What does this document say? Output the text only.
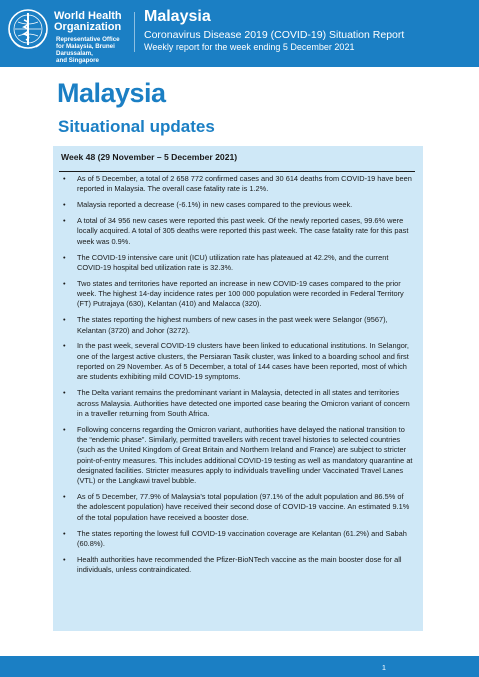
World Health
Organization
Representative Office
for Malaysia, Brunei Darussalam,
and Singapore
Malaysia
Coronavirus Disease 2019 (COVID-19) Situation Report
Weekly report for the week ending 5 December 2021
Malaysia
Situational updates
Week 48 (29 November – 5 December 2021)
• As of 5 December, a total of 2 658 772 confirmed cases and 30 614 deaths from COVID-19 have been reported in Malaysia. The overall case fatality rate is 1.2%.
• Malaysia reported a decrease (-6.1%) in new cases compared to the previous week.
• A total of 34 956 new cases were reported this past week. Of the newly reported cases, 99.6% were locally acquired. A total of 305 deaths were reported this past week. The case fatality rate for this past week was 0.9%.
• The COVID-19 intensive care unit (ICU) utilization rate has plateaued at 42.2%, and the current COVID-19 hospital bed utilization rate is 32.3%.
• Two states and territories have reported an increase in new COVID-19 cases compared to the prior week. The highest 14-day incidence rates per 100 000 population were recorded in Federal Territory (FT) Putrajaya (630), Kelantan (410) and Malacca (320).
• The states reporting the highest numbers of new cases in the past week were Selangor (9567), Kelantan (3720) and Johor (3272).
• In the past week, several COVID-19 clusters have been linked to educational institutions. In Selangor, one of the largest active clusters, the Persiaran Tasik cluster, was linked to a boarding school and first reported on 29 November. As of 5 December, a total of 144 cases have been reported, most of which are students exhibiting mild COVID-19 symptoms.
• The Delta variant remains the predominant variant in Malaysia, detected in all states and territories across Malaysia. Authorities have detected one imported case bearing the Omicron variant of concern in a traveller returning from South Africa.
• Following concerns regarding the Omicron variant, authorities have delayed the national transition to the “endemic phase”. Similarly, permitted travellers with recent travel histories to selected countries (such as the United Kingdom of Great Britain and Northern Ireland and France) are subject to stricter point-of-entry measures. This includes additional COVID-19 testing as well as mandatory quarantine at designated facilities. Stricter measures apply to individuals travelling under Vaccinated Travel Lanes (VTL) or the Langkawi travel bubble.
• As of 5 December, 77.9% of Malaysia’s total population (97.1% of the adult population and 86.5% of the adolescent population) have received their second dose of COVID-19 vaccine. An estimated 9.1% of the total population have received a booster dose.
• The states reporting the lowest full COVID-19 vaccination coverage are Kelantan (61.2%) and Sabah (60.8%).
• Health authorities have recommended the Pfizer-BioNTech vaccine as the main booster dose for all individuals, unless contraindicated.
1
